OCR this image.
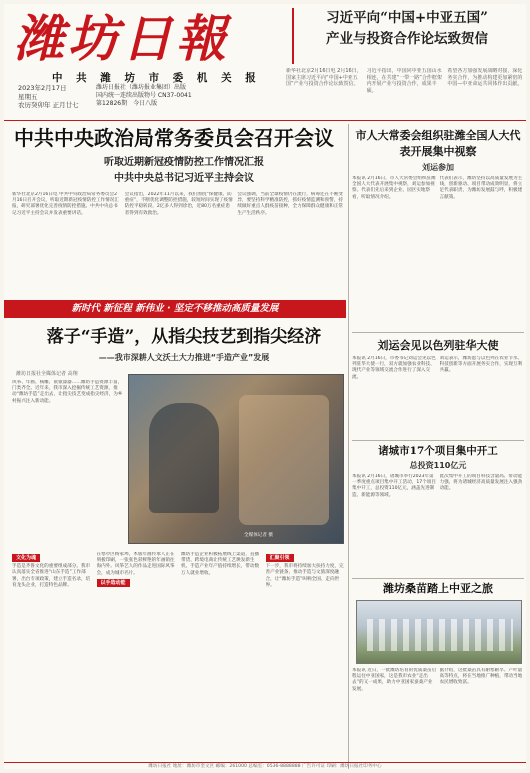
潍坊日報
中 共 潍 坊 市 委 机 关 报
2023年2月17日
星期五
农历癸卯年 正月廿七
潍坊日报社（潍坊报业集团）出版
国内统一连续出版物号 CN37-0041
第12826期　 今日八版
习近平向“中国+中亚五国”
产业与投资合作论坛致贺信
新华社北京2月16日电 2月16日，国家主席习近平向“中国+中亚五国”产业与投资合作论坛致贺信。
习近平指出，中国同中亚五国山水相连，在共建“一带一路”合作框架内开展产业与投资合作，成果丰硕。
希望各方加强发展战略对接，深化务实合作，为推动构建更加紧密的中国—中亚命运共同体作出贡献。
中共中央政治局常务委员会召开会议
听取近期新冠疫情防控工作情况汇报
中共中央总书记习近平主持会议
新华社北京2月16日电 中共中央政治局常务委员会2月16日召开会议，听取近期新冠疫情防控工作情况汇报，研究部署优化完善疫情防控措施。中共中央总书记习近平主持会议并发表重要讲话。
会议指出，2022年11月以来，我们围绕“保健康、防重症”，不断优化调整防控措施，较短时间实现了疫情防控平稳转段，2亿多人得到诊治，近80万名重症患者得到有效救治。
会议强调，当前全球疫情仍在流行，病毒还在不断变异，要坚持科学精准防控，抓好疫情监测和预警，持续做好重点人群疫苗接种，全力保障群众健康和正常生产生活秩序。
新时代 新征程 新伟业 · 坚定不移推动高质量发展
落子“手造”，从指尖技艺到指尖经济
——我市深耕人文沃土大力推进“手造产业”发展
潍坊日报社全媒体记者 高翔
风筝、年画、核雕、嵌银漆器……潍坊手造资源丰富，门类齐全。近年来，我市深入挖掘传统工艺资源，推动“潍坊手造”走出去，让指尖技艺变成指尖经济，为乡村振兴注入新动能。
全媒体记者 摄
文化为魂
手造是齐鲁文化的重要组成部分。我市认真落实全省推进“山东手造”工作部署，出台专项政策，建立手造名录，培育龙头企业，打造特色品牌。
在寒亭区杨家埠，木版年画传承人正在刻板印刷，一张张色彩鲜艳的年画销往海内外。风筝艺人的作品走进国际风筝会，成为城市名片。
以手造动能
潍坊手造企业积极拓展线上渠道，直播带货、跨境电商让传统工艺焕发新生机，手造产业年产值持续增长，带动数万人就业增收。
汇聚引领
下一步，我市将持续加大扶持力度，完善产业链条，推动手造与文旅深度融合，让“潍坊手造”叫响全国、走向世界。
市人大常委会组织驻潍全国人大代表开展集中视察
刘运参加
本报讯 2月16日，市人大常委会组织驻潍全国人大代表开展集中视察，刘运参加视察。代表们先后来到企业、园区实地察看，听取情况介绍。
代表们表示，潍坊坚持以高质量发展为主线，创新驱动、项目带动成效明显，将立足代表职责，为潍坊发展鼓与呼，积极建言献策。
刘运会见以色列驻华大使
本报讯 2月16日，市委书记刘运会见以色列驻华大使一行，双方就加强农业科技、现代产业等领域交流合作进行了深入交流。
刘运表示，潍坊愿与以色列在农业节水、科技创新等方面开展务实合作，实现互利共赢。
诸城市17个项目集中开工
总投资110亿元
本报讯 2月16日，诸城市举行2023年第一季度重点项目集中开工活动，17个项目集中开工，总投资110亿元，涵盖先进制造、新能源等领域。
此次集中开工的项目科技含量高、带动能力强，将为诸城经济高质量发展注入强劲动能。
潍坊桑苗踏上中亚之旅
本报讯 近日，一批潍坊培育的优质桑苗启程运往中亚国家，这是我市农业“走出去”的又一成果，助力中亚国家蚕桑产业发展。
据介绍，这批桑苗具有耐寒耐旱、产叶量高等特点，将在当地推广种植，带动当地农民增收致富。
潍坊日报社 地址：潍坊市奎文区 邮编：261000 总编室：0536-8888888 广告许可证 印刷：潍坊日报社印务中心
